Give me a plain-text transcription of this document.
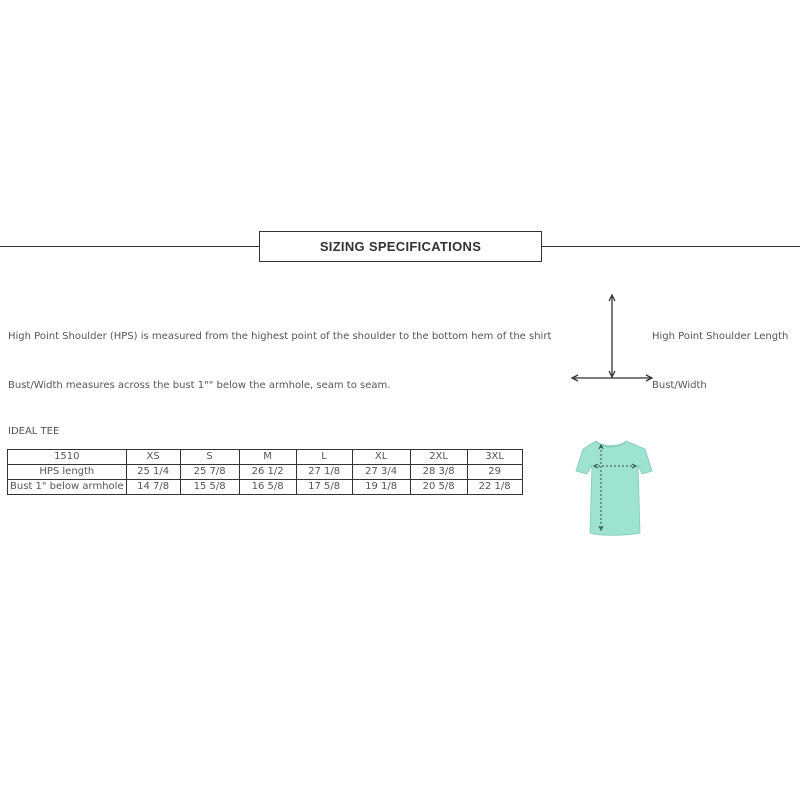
SIZING SPECIFICATIONS
High Point Shoulder (HPS) is measured from the highest point of the shoulder to the bottom hem of the shirt
Bust/Width measures across the bust 1"" below the armhole, seam to seam.
High Point Shoulder Length
Bust/Width
IDEAL TEE
1510	XS	S	M	L	XL	2XL	3XL
HPS length	25 1/4	25 7/8	26 1/2	27 1/8	27 3/4	28 3/8	29
Bust 1" below armhole	14 7/8	15 5/8	16 5/8	17 5/8	19 1/8	20 5/8	22 1/8
